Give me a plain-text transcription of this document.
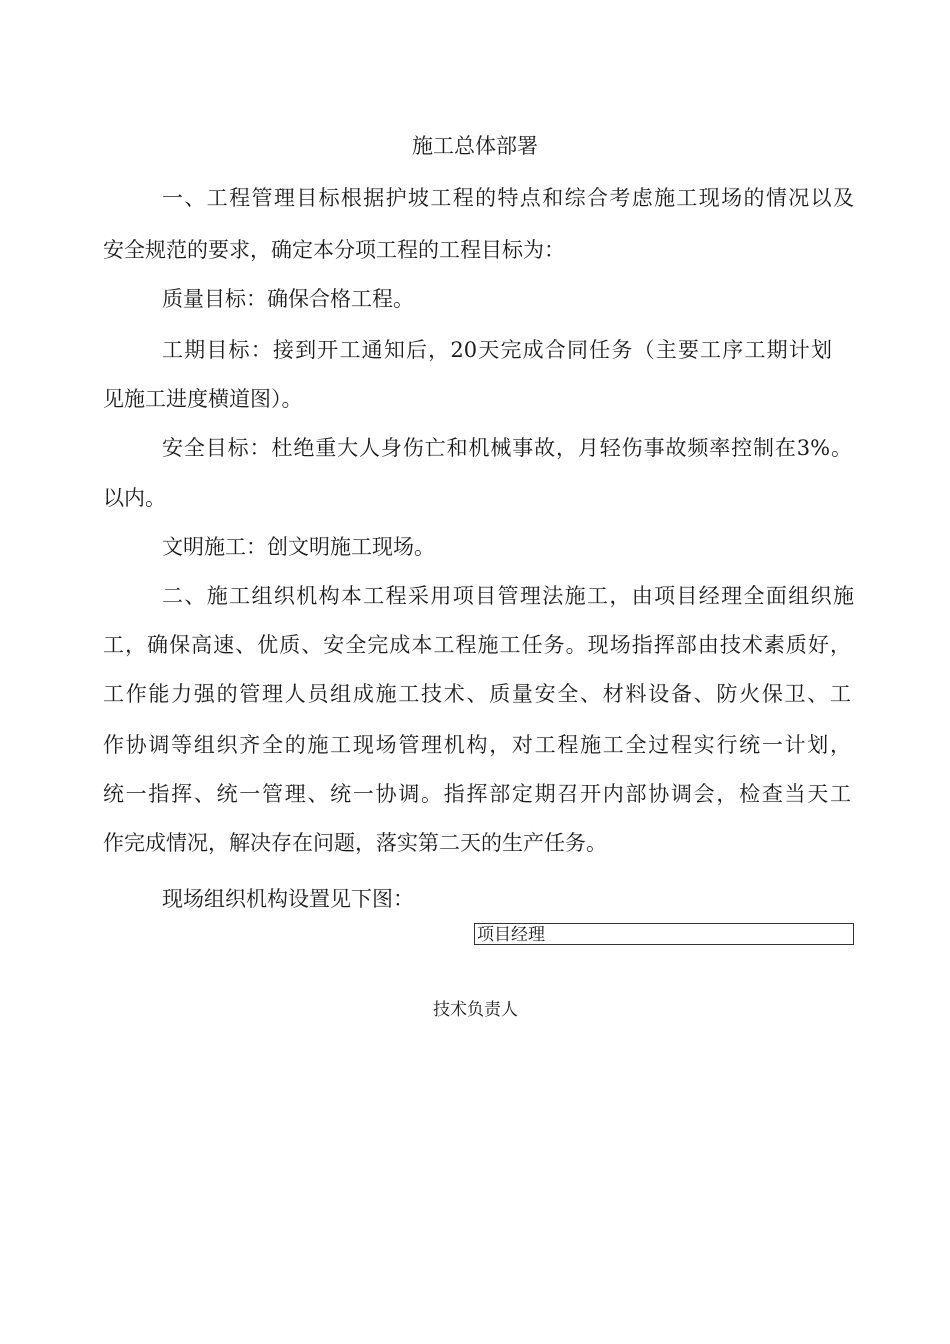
施工总体部署

一、工程管理目标根据护坡工程的特点和综合考虑施工现场的情况以及

安全规范的要求，确定本分项工程的工程目标为：

质量目标：确保合格工程。

工期目标：接到开工通知后，20天完成合同任务（主要工序工期计划

见施工进度横道图）。

安全目标：杜绝重大人身伤亡和机械事故，月轻伤事故频率控制在3%。

以内。

文明施工：创文明施工现场。

二、施工组织机构本工程采用项目管理法施工，由项目经理全面组织施

工，确保高速、优质、安全完成本工程施工任务。现场指挥部由技术素质好，

工作能力强的管理人员组成施工技术、质量安全、材料设备、防火保卫、工

作协调等组织齐全的施工现场管理机构，对工程施工全过程实行统一计划，

统一指挥、统一管理、统一协调。指挥部定期召开内部协调会，检查当天工

作完成情况，解决存在问题，落实第二天的生产任务。

现场组织机构设置见下图：

项目经理
技术负责人
